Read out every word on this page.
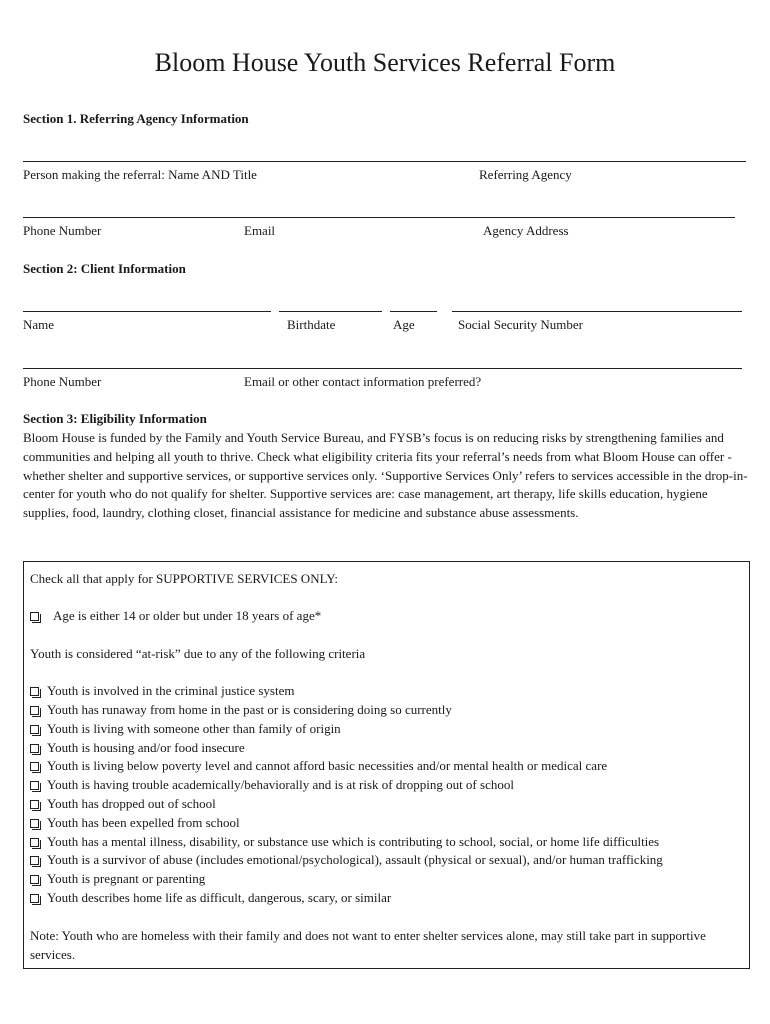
Bloom House Youth Services Referral Form
Section 1. Referring Agency Information
Person making the referral: Name AND Title	Referring Agency
Phone Number	Email	Agency Address
Section 2: Client Information
Name	Birthdate	Age	Social Security Number
Phone Number	Email or other contact information preferred?
Section 3: Eligibility Information
Bloom House is funded by the Family and Youth Service Bureau, and FYSB’s focus is on reducing risks by strengthening families and communities and helping all youth to thrive. Check what eligibility criteria fits your referral’s needs from what Bloom House can offer - whether shelter and supportive services, or supportive services only. ‘Supportive Services Only’ refers to services accessible in the drop-in-center for youth who do not qualify for shelter. Supportive services are: case management, art therapy, life skills education, hygiene supplies, food, laundry, clothing closet, financial assistance for medicine and substance abuse assessments.
Check all that apply for SUPPORTIVE SERVICES ONLY:
Age is either 14 or older but under 18 years of age*
Youth is considered “at-risk” due to any of the following criteria
Youth is involved in the criminal justice system
Youth has runaway from home in the past or is considering doing so currently
Youth is living with someone other than family of origin
Youth is housing and/or food insecure
Youth is living below poverty level and cannot afford basic necessities and/or mental health or medical care
Youth is having trouble academically/behaviorally and is at risk of dropping out of school
Youth has dropped out of school
Youth has been expelled from school
Youth has a mental illness, disability, or substance use which is contributing to school, social, or home life difficulties
Youth is a survivor of abuse (includes emotional/psychological), assault (physical or sexual), and/or human trafficking
Youth is pregnant or parenting
Youth describes home life as difficult, dangerous, scary, or similar
Note: Youth who are homeless with their family and does not want to enter shelter services alone, may still take part in supportive services.
